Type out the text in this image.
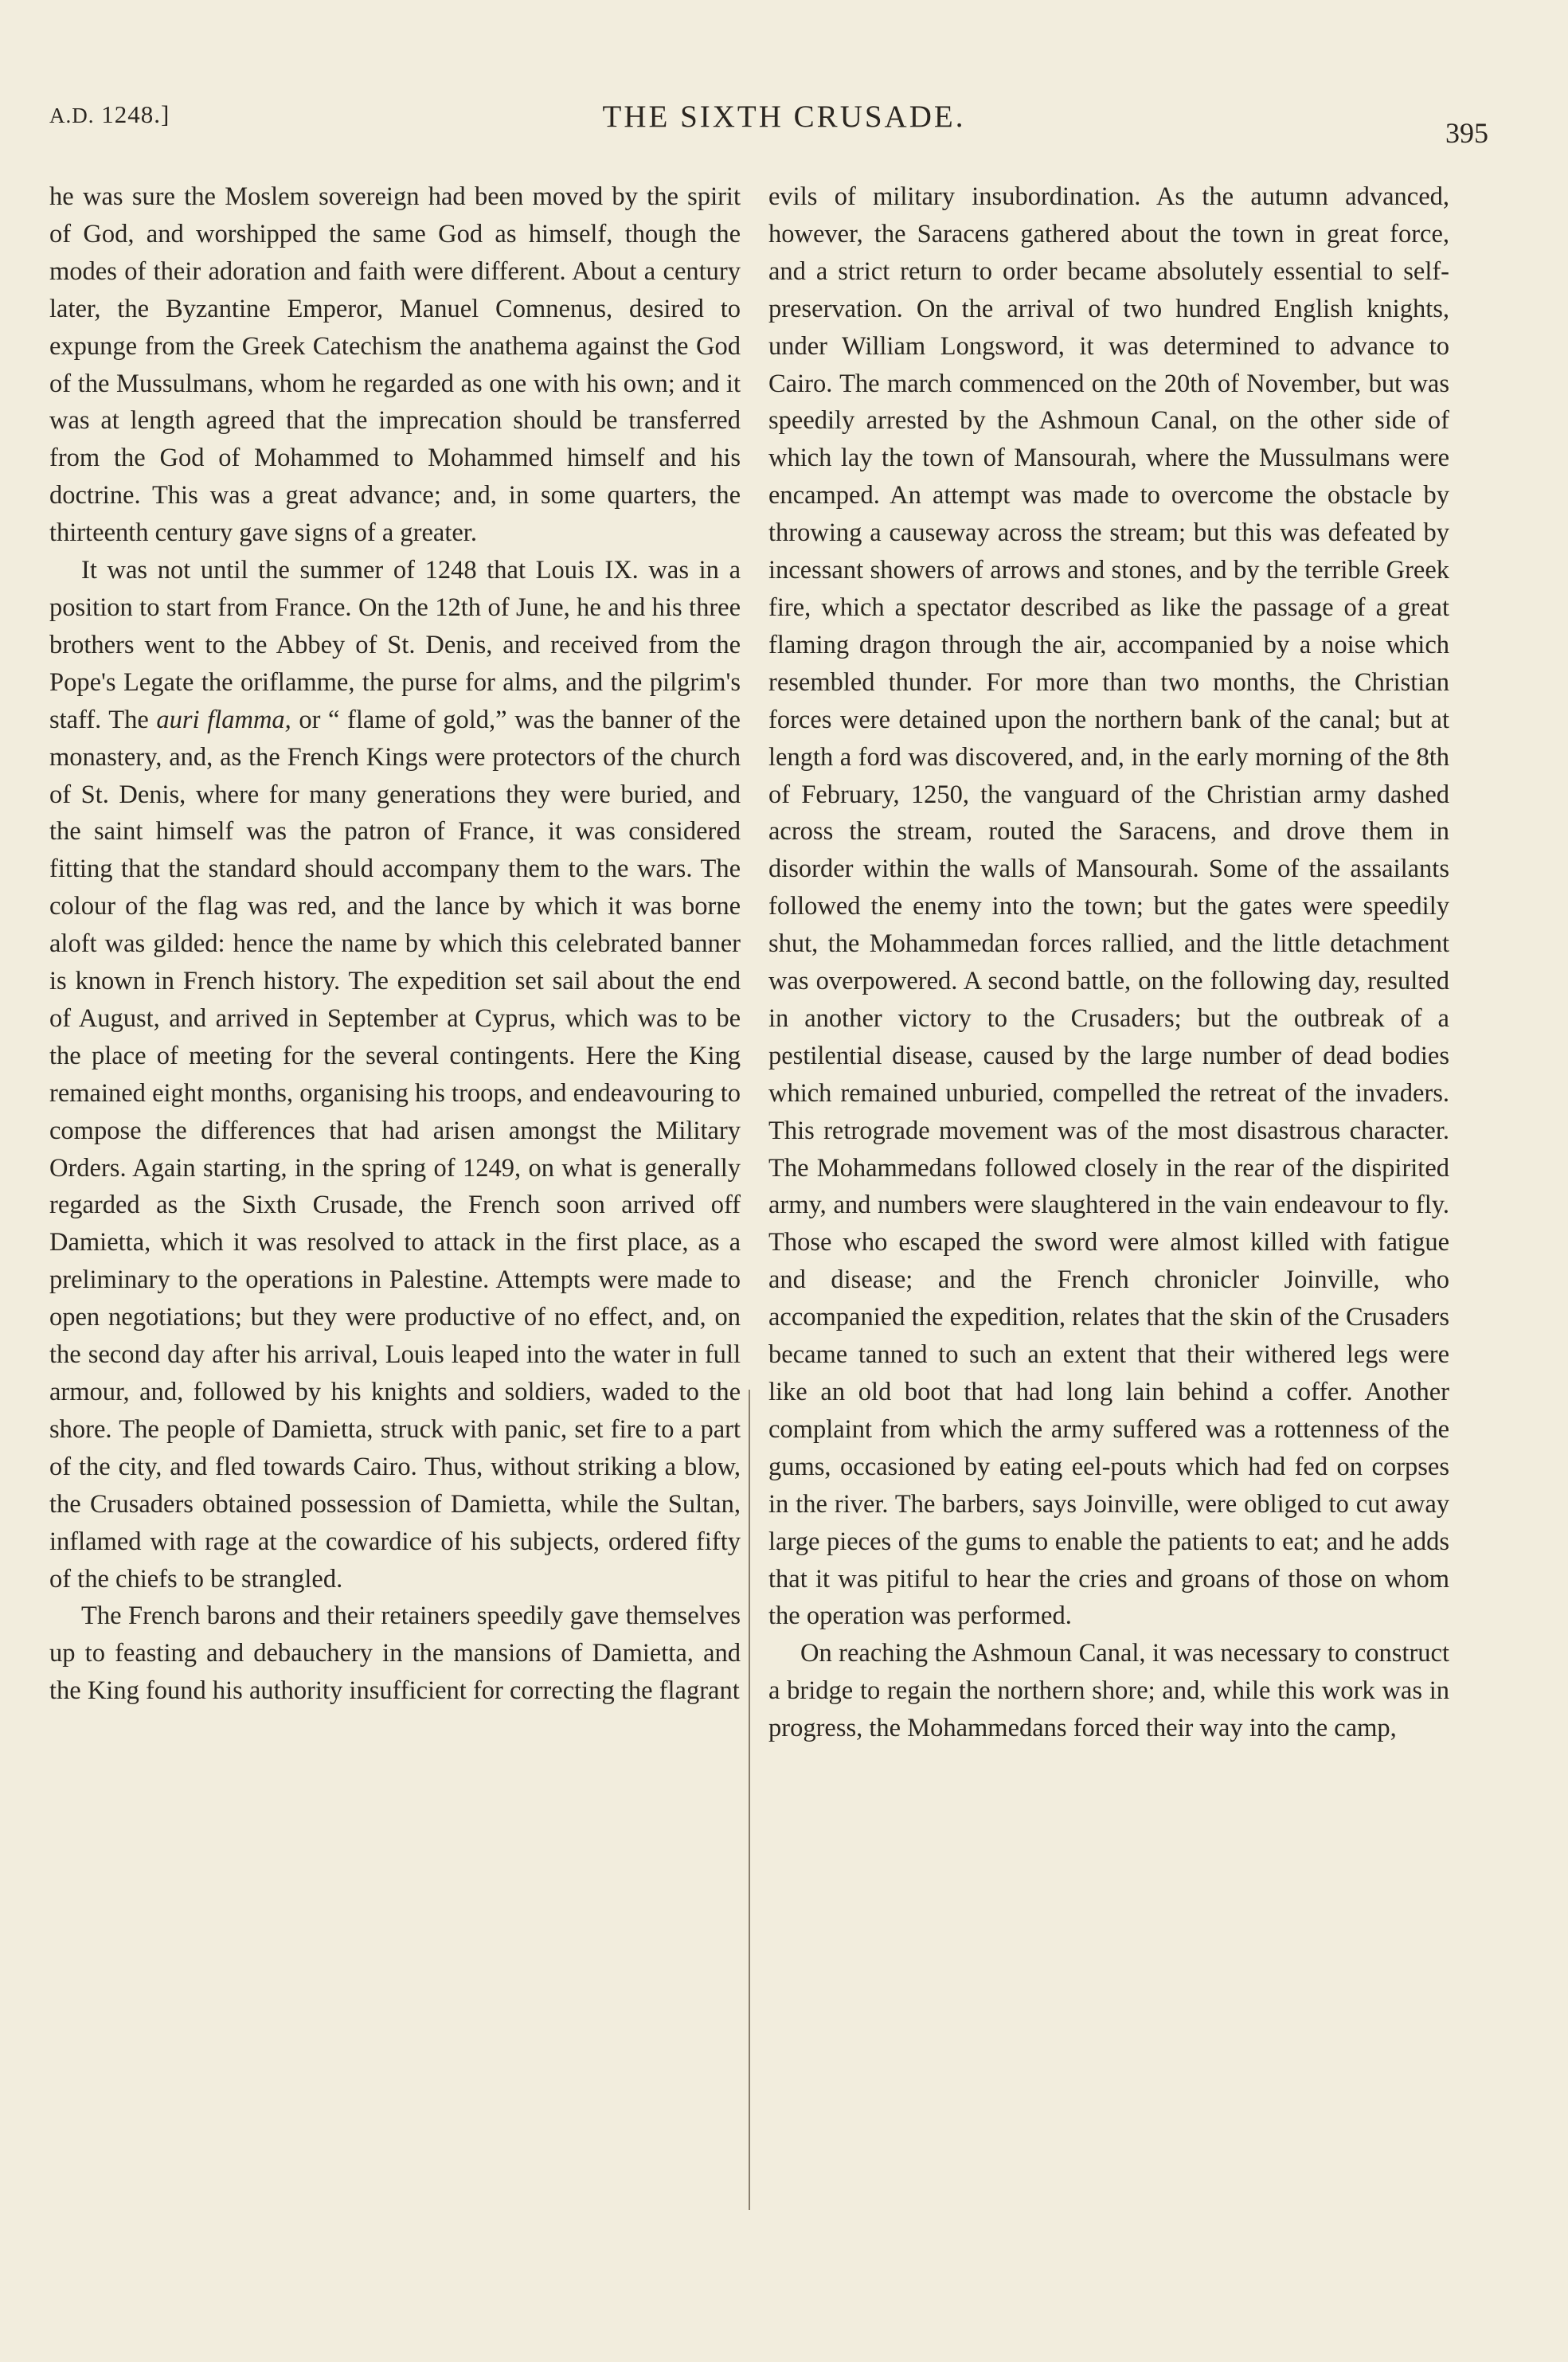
A.D. 1248.]	THE SIXTH CRUSADE.	395

he was sure the Moslem sovereign had been moved by the spirit of God, and worshipped the same God as himself, though the modes of their adoration and faith were different. About a century later, the Byzantine Emperor, Manuel Comnenus, desired to expunge from the Greek Catechism the anathema against the God of the Mussulmans, whom he regarded as one with his own; and it was at length agreed that the imprecation should be transferred from the God of Mohammed to Mohammed himself and his doctrine. This was a great advance; and, in some quarters, the thirteenth century gave signs of a greater.

It was not until the summer of 1248 that Louis IX. was in a position to start from France. On the 12th of June, he and his three brothers went to the Abbey of St. Denis, and received from the Pope's Legate the oriflamme, the purse for alms, and the pilgrim's staff. The auri flamma, or “ flame of gold,” was the banner of the monastery, and, as the French Kings were protectors of the church of St. Denis, where for many generations they were buried, and the saint himself was the patron of France, it was considered fitting that the standard should accompany them to the wars. The colour of the flag was red, and the lance by which it was borne aloft was gilded: hence the name by which this celebrated banner is known in French history. The expedition set sail about the end of August, and arrived in September at Cyprus, which was to be the place of meeting for the several contingents. Here the King remained eight months, organising his troops, and endeavouring to compose the differences that had arisen amongst the Military Orders. Again starting, in the spring of 1249, on what is generally regarded as the Sixth Crusade, the French soon arrived off Damietta, which it was resolved to attack in the first place, as a preliminary to the operations in Palestine. Attempts were made to open negotiations; but they were productive of no effect, and, on the second day after his arrival, Louis leaped into the water in full armour, and, followed by his knights and soldiers, waded to the shore. The people of Damietta, struck with panic, set fire to a part of the city, and fled towards Cairo. Thus, without striking a blow, the Crusaders obtained possession of Damietta, while the Sultan, inflamed with rage at the cowardice of his subjects, ordered fifty of the chiefs to be strangled.

The French barons and their retainers speedily gave themselves up to feasting and debauchery in the mansions of Damietta, and the King found his authority insufficient for correcting the flagrant

evils of military insubordination. As the autumn advanced, however, the Saracens gathered about the town in great force, and a strict return to order became absolutely essential to self-preservation. On the arrival of two hundred English knights, under William Longsword, it was determined to advance to Cairo. The march commenced on the 20th of November, but was speedily arrested by the Ashmoun Canal, on the other side of which lay the town of Mansourah, where the Mussulmans were encamped. An attempt was made to overcome the obstacle by throwing a causeway across the stream; but this was defeated by incessant showers of arrows and stones, and by the terrible Greek fire, which a spectator described as like the passage of a great flaming dragon through the air, accompanied by a noise which resembled thunder. For more than two months, the Christian forces were detained upon the northern bank of the canal; but at length a ford was discovered, and, in the early morning of the 8th of February, 1250, the vanguard of the Christian army dashed across the stream, routed the Saracens, and drove them in disorder within the walls of Mansourah. Some of the assailants followed the enemy into the town; but the gates were speedily shut, the Mohammedan forces rallied, and the little detachment was overpowered. A second battle, on the following day, resulted in another victory to the Crusaders; but the outbreak of a pestilential disease, caused by the large number of dead bodies which remained unburied, compelled the retreat of the invaders. This retrograde movement was of the most disastrous character. The Mohammedans followed closely in the rear of the dispirited army, and numbers were slaughtered in the vain endeavour to fly. Those who escaped the sword were almost killed with fatigue and disease; and the French chronicler Joinville, who accompanied the expedition, relates that the skin of the Crusaders became tanned to such an extent that their withered legs were like an old boot that had long lain behind a coffer. Another complaint from which the army suffered was a rottenness of the gums, occasioned by eating eel-pouts which had fed on corpses in the river. The barbers, says Joinville, were obliged to cut away large pieces of the gums to enable the patients to eat; and he adds that it was pitiful to hear the cries and groans of those on whom the operation was performed.

On reaching the Ashmoun Canal, it was necessary to construct a bridge to regain the northern shore; and, while this work was in progress, the Mohammedans forced their way into the camp,
